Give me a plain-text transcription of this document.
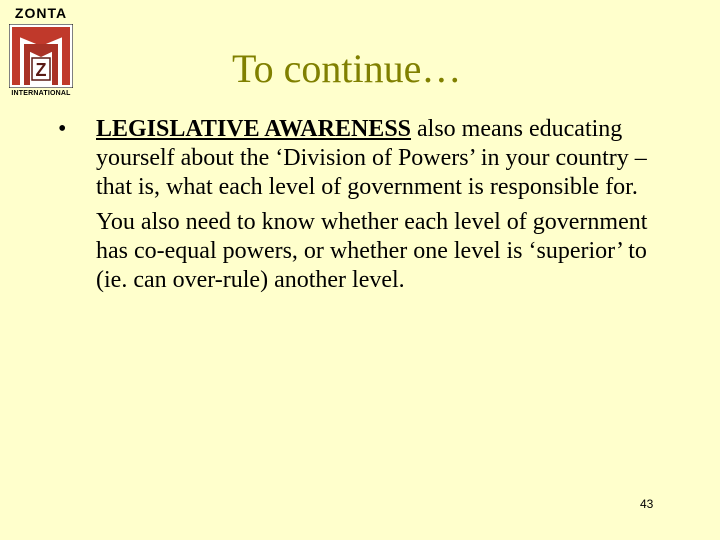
ZONTA
Z
INTERNATIONAL
To continue…
• LEGISLATIVE AWARENESS also means educating yourself about the ‘Division of Powers’ in your country – that is, what each level of government is responsible for.

You also need to know whether each level of government has co-equal powers, or whether one level is ‘superior’ to (ie. can over-rule) another level.

43
